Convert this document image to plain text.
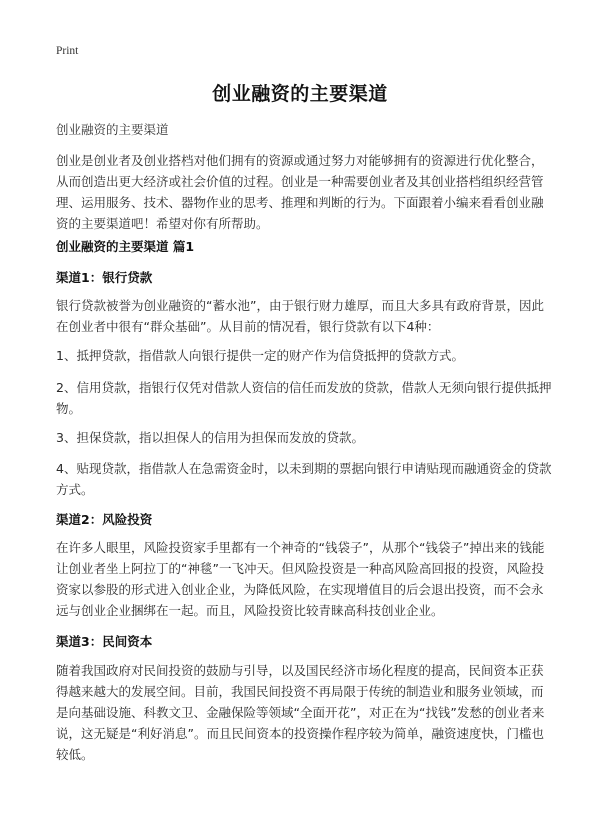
Print
创业融资的主要渠道
创业融资的主要渠道
创业是创业者及创业搭档对他们拥有的资源或通过努力对能够拥有的资源进行优化整合，从而创造出更大经济或社会价值的过程。创业是一种需要创业者及其创业搭档组织经营管理、运用服务、技术、器物作业的思考、推理和判断的行为。下面跟着小编来看看创业融资的主要渠道吧！希望对你有所帮助。
创业融资的主要渠道 篇1
渠道1：银行贷款
银行贷款被誉为创业融资的“蓄水池”，由于银行财力雄厚，而且大多具有政府背景，因此在创业者中很有“群众基础”。从目前的情况看，银行贷款有以下4种：
1、抵押贷款，指借款人向银行提供一定的财产作为信贷抵押的贷款方式。
2、信用贷款，指银行仅凭对借款人资信的信任而发放的贷款，借款人无须向银行提供抵押物。
3、担保贷款，指以担保人的信用为担保而发放的贷款。
4、贴现贷款，指借款人在急需资金时，以未到期的票据向银行申请贴现而融通资金的贷款方式。
渠道2：风险投资
在许多人眼里，风险投资家手里都有一个神奇的“钱袋子”，从那个“钱袋子”掉出来的钱能让创业者坐上阿拉丁的“神毯”一飞冲天。但风险投资是一种高风险高回报的投资，风险投资家以参股的形式进入创业企业，为降低风险，在实现增值目的后会退出投资，而不会永远与创业企业捆绑在一起。而且，风险投资比较青睐高科技创业企业。
渠道3：民间资本
随着我国政府对民间投资的鼓励与引导，以及国民经济市场化程度的提高，民间资本正获得越来越大的发展空间。目前，我国民间投资不再局限于传统的制造业和服务业领域，而是向基础设施、科教文卫、金融保险等领域“全面开花”，对正在为“找钱”发愁的创业者来说，这无疑是“利好消息”。而且民间资本的投资操作程序较为简单，融资速度快，门槛也较低。
